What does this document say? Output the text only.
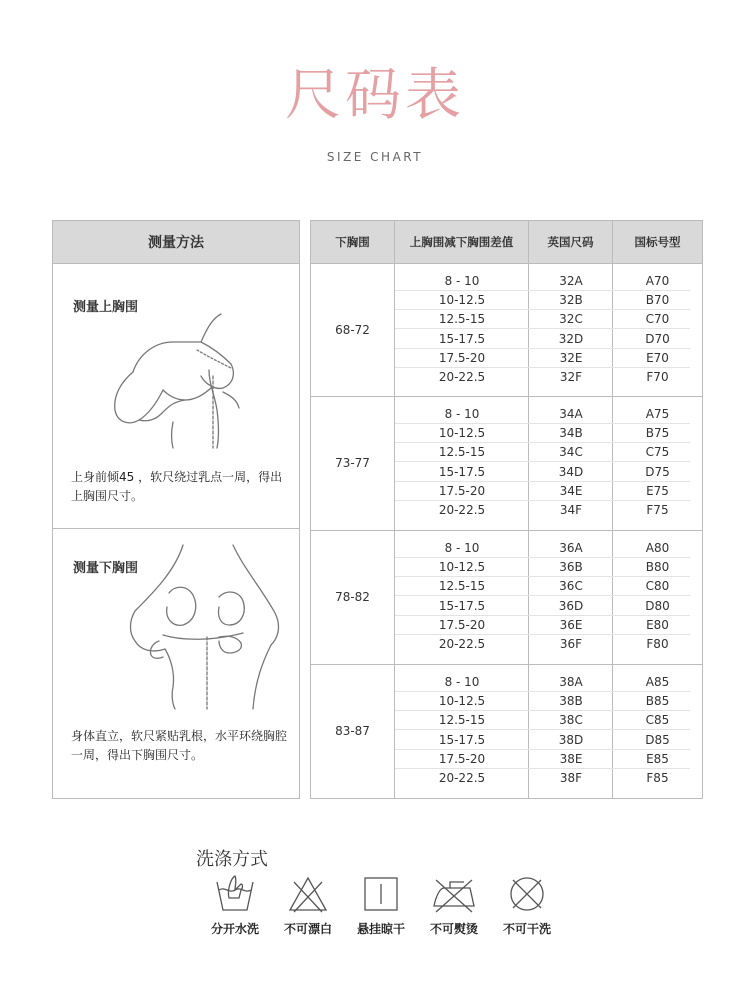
尺码表
SIZE CHART
测量方法
测量上胸围
上身前倾45 ，软尺绕过乳点一周，得出上胸围尺寸。
测量下胸围
身体直立，软尺紧贴乳根，水平环绕胸腔一周，得出下胸围尺寸。
下胸围	上胸围减下胸围差值	英国尺码	国标号型
68-72
8 - 10	32A	A70
10-12.5	32B	B70
12.5-15	32C	C70
15-17.5	32D	D70
17.5-20	32E	E70
20-22.5	32F	F70
73-77
8 - 10	34A	A75
10-12.5	34B	B75
12.5-15	34C	C75
15-17.5	34D	D75
17.5-20	34E	E75
20-22.5	34F	F75
78-82
8 - 10	36A	A80
10-12.5	36B	B80
12.5-15	36C	C80
15-17.5	36D	D80
17.5-20	36E	E80
20-22.5	36F	F80
83-87
8 - 10	38A	A85
10-12.5	38B	B85
12.5-15	38C	C85
15-17.5	38D	D85
17.5-20	38E	E85
20-22.5	38F	F85
洗涤方式
分开水洗	不可漂白	悬挂晾干	不可熨烫	不可干洗
